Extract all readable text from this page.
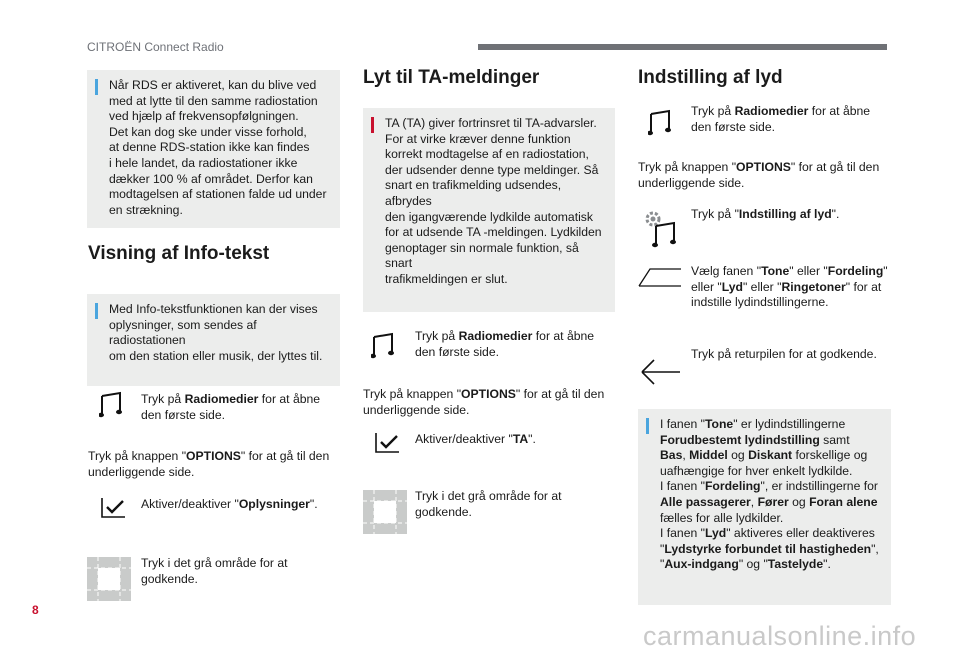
CITROËN Connect Radio
Når RDS er aktiveret, kan du blive ved
med at lytte til den samme radiostation
ved hjælp af frekvensopfølgningen.
Det kan dog ske under visse forhold,
at denne RDS-station ikke kan findes
i hele landet, da radiostationer ikke
dækker 100 % af området. Derfor kan
modtagelsen af stationen falde ud under
en strækning.
Visning af Info-tekst
Med Info-tekstfunktionen kan der vises
oplysninger, som sendes af radiostationen
om den station eller musik, der lyttes til.
Tryk på Radiomedier for at åbne
den første side.
Tryk på knappen "OPTIONS" for at gå til den
underliggende side.
Aktiver/deaktiver "Oplysninger".
Tryk i det grå område for at
godkende.
Lyt til TA-meldinger
TA (TA) giver fortrinsret til TA-advarsler.
For at virke kræver denne funktion
korrekt modtagelse af en radiostation,
der udsender denne type meldinger. Så
snart en trafikmelding udsendes, afbrydes
den igangværende lydkilde automatisk
for at udsende TA -meldingen. Lydkilden
genoptager sin normale funktion, så snart
trafikmeldingen er slut.
Tryk på Radiomedier for at åbne
den første side.
Tryk på knappen "OPTIONS" for at gå til den
underliggende side.
Aktiver/deaktiver "TA".
Tryk i det grå område for at
godkende.
Indstilling af lyd
Tryk på Radiomedier for at åbne
den første side.
Tryk på knappen "OPTIONS" for at gå til den
underliggende side.
Tryk på "Indstilling af lyd".
Vælg fanen "Tone" eller "Fordeling"
eller "Lyd" eller "Ringetoner" for at
indstille lydindstillingerne.
Tryk på returpilen for at godkende.
I fanen "Tone" er lydindstillingerne
Forudbestemt lydindstilling samt
Bas, Middel og Diskant forskellige og
uafhængige for hver enkelt lydkilde.
I fanen "Fordeling", er indstillingerne for
Alle passagerer, Fører og Foran alene
fælles for alle lydkilder.
I fanen "Lyd" aktiveres eller deaktiveres
"Lydstyrke forbundet til hastigheden",
"Aux-indgang" og "Tastelyde".
8
carmanualsonline.info
